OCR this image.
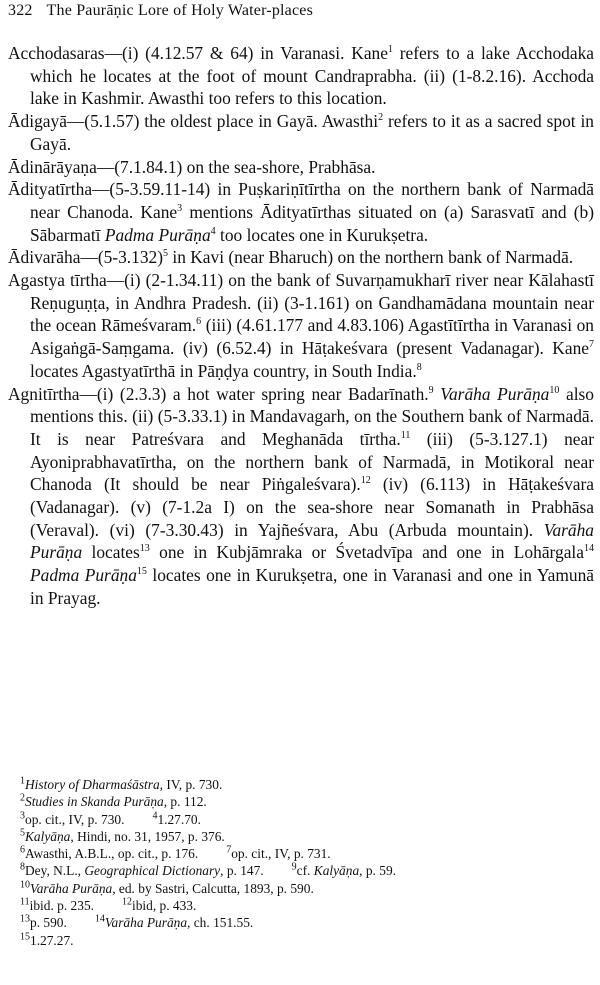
322 The Paurāṇic Lore of Holy Water-places

Acchodasaras—(i) (4.12.57 & 64) in Varanasi. Kane$^1$ refers to a lake Acchodaka which he locates at the foot of mount Candraprabha. (ii) (1-8.2.16). Acchoda lake in Kashmir. Awasthi too refers to this location.

Ādigayā—(5.1.57) the oldest place in Gayā. Awasthi$^2$ refers to it as a sacred spot in Gayā.

Ādinārāyaṇa—(7.1.84.1) on the sea-shore, Prabhāsa.

Ādityatīrtha—(5-3.59.11-14) in Puṣkariṇītīrtha on the northern bank of Narmadā near Chanoda. Kane$^3$ mentions Ādityatīrthas situated on (a) Sarasvatī and (b) Sābarmatī Padma Purāṇa$^4$ too locates one in Kurukṣetra.

$Ādivarāha—(5-3.132)^5$ in Kavi (near Bharuch) on the northern bank of Narmadā.

Agastya tīrtha—(i) (2-1.34.11) on the bank of Suvarṇamukharī river near Kālahastī Reṇuguṇṭa, in Andhra Pradesh. (ii) (3-1.161) on Gandhamādana mountain near the ocean Rāmeśvaram.$^6$ (iii) (4.61.177 and 4.83.106) Agastītīrtha in Varanasi on Asigaṅgā-Saṃgama. (iv) (6.52.4) in Hāṭakeśvara (present Vadanagar). Kane$^7$ locates Agastyatīrthā in Pāṇḍya country, in South India.$^8$

Agnitīrtha—(i) (2.3.3) a hot water spring near Badarīnath.$^9$ Varāha Purāṇa$^{10}$ also mentions this. (ii) (5-3.33.1) in Mandavagarh, on the Southern bank of Narmadā. It is near Patreśvara and Meghanāda tīrtha.$^{11}$ (iii) (5-3.127.1) near Ayoniprabhavatīrtha, on the northern bank of Narmadā, in Motikoral near Chanoda (It should be near Piṅgaleśvara).$^{12}$ (iv) (6.113) in Hāṭakeśvara (Vadanagar). (v) (7-1.2a I) on the sea-shore near Somanath in Prabhāsa (Veraval). (vi) (7-3.30.43) in Yajñeśvara, Abu (Arbuda mountain). Varāha Purāṇa locates$^{13}$ one in Kubjāmraka or Śvetadvīpa and one in Lohārgala$^{14}$ Padma Purāṇa$^{15}$ locates one in Kurukṣetra, one in Varanasi and one in Yamunā in Prayag.

$^1$History of Dharmaśāstra, IV, p. 730.

$^2$Studies in Skanda Purāṇa, p. 112.

$^3$op. cit., IV, p. 730.	$^4$1.27.70.

$^5$Kalyāṇa, Hindi, no. 31, 1957, p. 376.

$^6$Awasthi, A.B.L., op. cit., p. 176.	$^7$op. cit., IV, p. 731.

$^8$Dey, N.L., Geographical Dictionary, p. 147.	$^9$cf. Kalyāṇa, p. 59.

$^{10}$Varāha Purāṇa, ed. by Sastri, Calcutta, 1893, p. 590.

$^{11}$ibid. p. 235.	$^{12}$ibid, p. 433.

$^{13}$p. 590.	$^{14}$Varāha Purāṇa, ch. 151.55.

$^{15}$1.27.27.
